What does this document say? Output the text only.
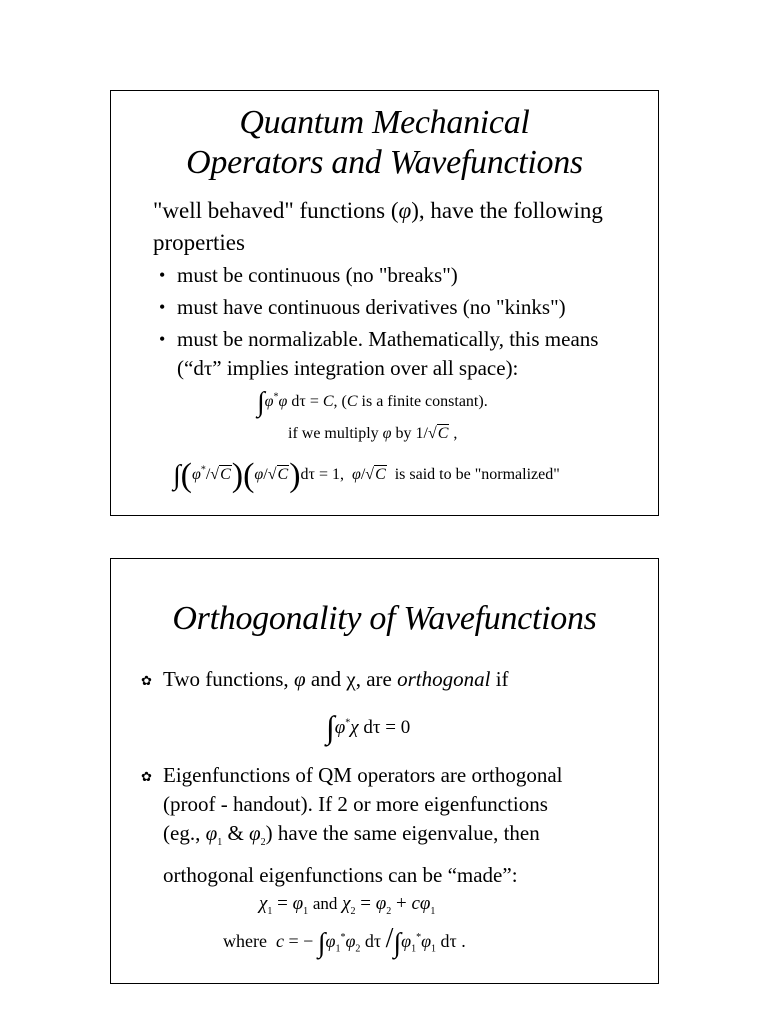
Quantum Mechanical
Operators and Wavefunctions
"well behaved" functions (φ), have the following properties
• must be continuous (no "breaks")
• must have continuous derivatives (no "kinks")
• must be normalizable. Mathematically, this means (“dτ” implies integration over all space):
∫φ*φ dτ = C, (C is a finite constant).
if we multiply φ by 1/√C ,
∫(φ*/√C)(φ/√C)dτ = 1,  φ/√C is said to be "normalized"
Orthogonality of Wavefunctions
✿ Two functions, φ and χ, are orthogonal if
∫φ*χ dτ = 0
✿ Eigenfunctions of QM operators are orthogonal
(proof - handout). If 2 or more eigenfunctions
(eg., $\varphi_1$ & $\varphi_2$) have the same eigenvalue, then
orthogonal eigenfunctions can be “made”:
$\chi_1 = \varphi_1$ and $\chi_2 = \varphi_2 + c\varphi_1$
where c = − $\int\varphi_1^*\varphi_2$ dτ $/\int\varphi_1^*\varphi_1$ dτ .
